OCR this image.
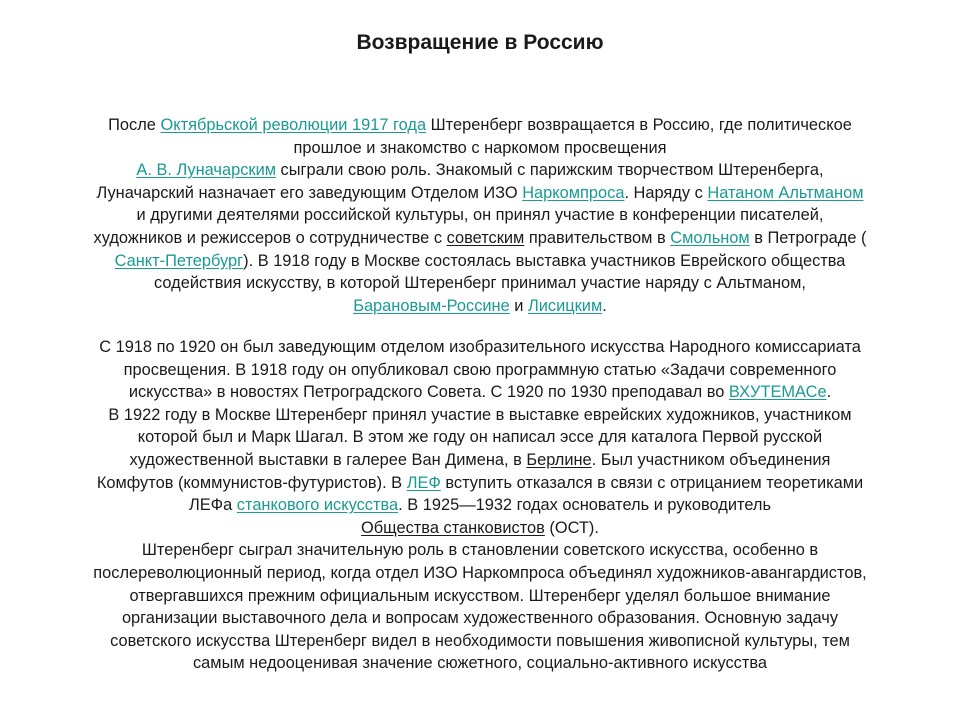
Возвращение в Россию

После Октябрьской революции 1917 года Штеренберг возвращается в Россию, где политическое
прошлое и знакомство с наркомом просвещения
А. В. Луначарским сыграли свою роль. Знакомый с парижским творчеством Штеренберга,
Луначарский назначает его заведующим Отделом ИЗО Наркомпроса. Наряду с Натаном Альтманом
и другими деятелями российской культуры, он принял участие в конференции писателей,
художников и режиссеров о сотрудничестве с советским правительством в Смольном в Петрограде (
Санкт-Петербург). В 1918 году в Москве состоялась выставка участников Еврейского общества
содействия искусству, в которой Штеренберг принимал участие наряду с Альтманом,
Барановым-Россине и Лисицким.

С 1918 по 1920 он был заведующим отделом изобразительного искусства Народного комиссариата
просвещения. В 1918 году он опубликовал свою программную статью «Задачи современного
искусства» в новостях Петроградского Совета. С 1920 по 1930 преподавал во ВХУТЕМАСе.
В 1922 году в Москве Штеренберг принял участие в выставке еврейских художников, участником
которой был и Марк Шагал. В этом же году он написал эссе для каталога Первой русской
художественной выставки в галерее Ван Димена, в Берлине. Был участником объединения
Комфутов (коммунистов-футуристов). В ЛЕФ вступить отказался в связи с отрицанием теоретиками
ЛЕФа станкового искусства. В 1925—1932 годах основатель и руководитель
Общества станковистов (ОСТ).
Штеренберг сыграл значительную роль в становлении советского искусства, особенно в
послереволюционный период, когда отдел ИЗО Наркомпроса объединял художников-авангардистов,
отвергавшихся прежним официальным искусством. Штеренберг уделял большое внимание
организации выставочного дела и вопросам художественного образования. Основную задачу
советского искусства Штеренберг видел в необходимости повышения живописной культуры, тем
самым недооценивая значение сюжетного, социально-активного искусства
